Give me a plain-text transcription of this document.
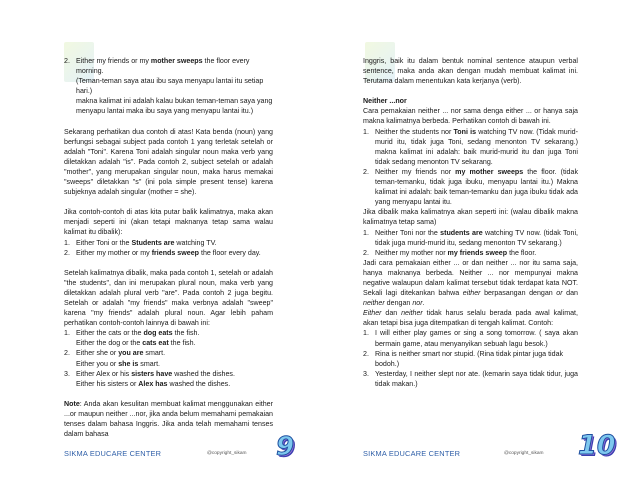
2. Either my friends or my mother sweeps the floor every morning.

(Teman-teman saya atau ibu saya menyapu lantai itu setiap hari.)

makna kalimat ini adalah kalau bukan teman-teman saya yang

menyapu lantai maka ibu saya yang menyapu lantai itu.)

Sekarang perhatikan dua contoh di atas! Kata benda (noun) yang berfungsi sebagai subject pada contoh 1 yang terletak setelah or adalah "Toni". Karena Toni adalah singular noun maka verb yang diletakkan adalah "is". Pada contoh 2, subject setelah or adalah "mother", yang merupakan singular noun, maka harus memakai "sweeps" diletakkan "s" (ini pola simple present tense) karena subjeknya adalah singular (mother = she).

Jika contoh-contoh di atas kita putar balik kalimatnya, maka akan menjadi seperti ini (akan tetapi maknanya tetap sama walau kalimat itu dibalik):

1. Either Toni or the Students are watching TV.

2. Either my mother or my friends sweep the floor every day.

Setelah kalimatnya dibalik, maka pada contoh 1, setelah or adalah "the students", dan ini merupakan plural noun, maka verb yang diletakkan adalah plural verb "are". Pada contoh 2 juga begitu. Setelah or adalah "my friends" maka verbnya adalah "sweep" karena "my friends" adalah plural noun. Agar lebih paham perhatikan contoh-contoh lainnya di bawah ini:

1. Either the cats or the dog eats the fish.

Either the dog or the cats eat the fish.

2. Either she or you are smart.

Either you or she is smart.

3. Either Alex or his sisters have washed the dishes.

Either his sisters or Alex has washed the dishes.

Note: Anda akan kesulitan membuat kalimat menggunakan either ...or maupun neither ...nor, jika anda belum memahami pemakaian tenses dalam bahasa Inggris. Jika anda telah memahami tenses dalam bahasa

SIKMA EDUCARE CENTER	@copyright_sikam 9

Inggris, baik itu dalam bentuk nominal sentence ataupun verbal sentence, maka anda akan dengan mudah membuat kalimat ini. Terutama dalam menentukan kata kerjanya (verb).

Neither ...nor

Cara pemakaian neither ... nor sama denga either ... or hanya saja makna kalimatnya berbeda. Perhatikan contoh di bawah ini.

1. Neither the students nor Toni is watching TV now. (Tidak murid-murid itu, tidak juga Toni, sedang menonton TV sekarang.) makna kalimat ini adalah: baik murid-murid itu dan juga Toni tidak sedang menonton TV sekarang.

2. Neither my friends nor my mother sweeps the floor. (tidak teman-temanku, tidak juga ibuku, menyapu lantai itu.) Makna kalimat ini adalah: baik teman-temanku dan juga ibuku tidak ada yang menyapu lantai itu.

Jika dibalik maka kalimatnya akan seperti ini: (walau dibalik makna kalimatnya tetap sama)

1. Neither Toni nor the students are watching TV now. (tidak Toni, tidak juga murid-murid itu, sedang menonton TV sekarang.)

2. Neither my mother nor my friends sweep the floor.

Jadi cara pemakaian either ... or dan neither ... nor itu sama saja, hanya maknanya berbeda. Neither ... nor mempunyai makna negative walaupun dalam kalimat tersebut tidak terdapat kata NOT. Sekali lagi ditekankan bahwa either berpasangan dengan or dan neither dengan nor.

Either dan neither tidak harus selalu berada pada awal kalimat, akan tetapi bisa juga ditempatkan di tengah kalimat. Contoh:

1. I will either play games or sing a song tomorrow. ( saya akan bermain game, atau menyanyikan sebuah lagu besok.)

2. Rina is neither smart nor stupid. (Rina tidak pintar juga tidak bodoh.)

3. Yesterday, I neither slept nor ate. (kemarin saya tidak tidur, juga tidak makan.)

SIKMA EDUCARE CENTER	@copyright_sikam 10
